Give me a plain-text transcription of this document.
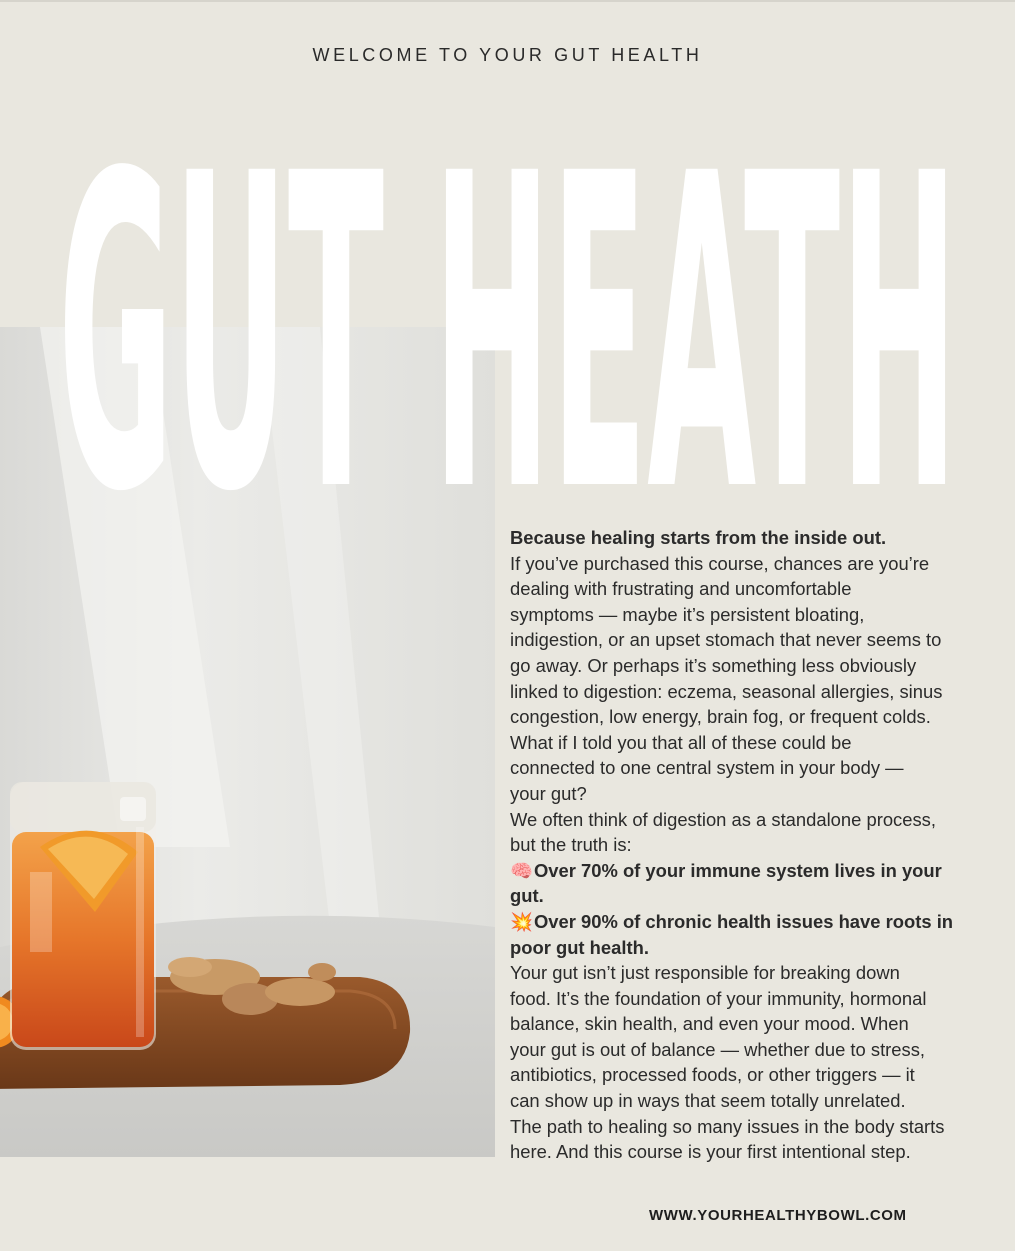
WELCOME TO YOUR GUT HEALTH
GUT HEATH

Because healing starts from the inside out.

If you’ve purchased this course, chances are you’re

dealing with frustrating and uncomfortable

symptoms — maybe it’s persistent bloating,

indigestion, or an upset stomach that never seems to

go away. Or perhaps it’s something less obviously

linked to digestion: eczema, seasonal allergies, sinus

congestion, low energy, brain fog, or frequent colds.

What if I told you that all of these could be

connected to one central system in your body —

your gut?

We often think of digestion as a standalone process,

but the truth is:

🧠Over 70% of your immune system lives in your

gut.

💥Over 90% of chronic health issues have roots in

poor gut health.

Your gut isn’t just responsible for breaking down

food. It’s the foundation of your immunity, hormonal

balance, skin health, and even your mood. When

your gut is out of balance — whether due to stress,

antibiotics, processed foods, or other triggers — it

can show up in ways that seem totally unrelated.

The path to healing so many issues in the body starts

here. And this course is your first intentional step.

WWW.YOURHEALTHYBOWL.COM
